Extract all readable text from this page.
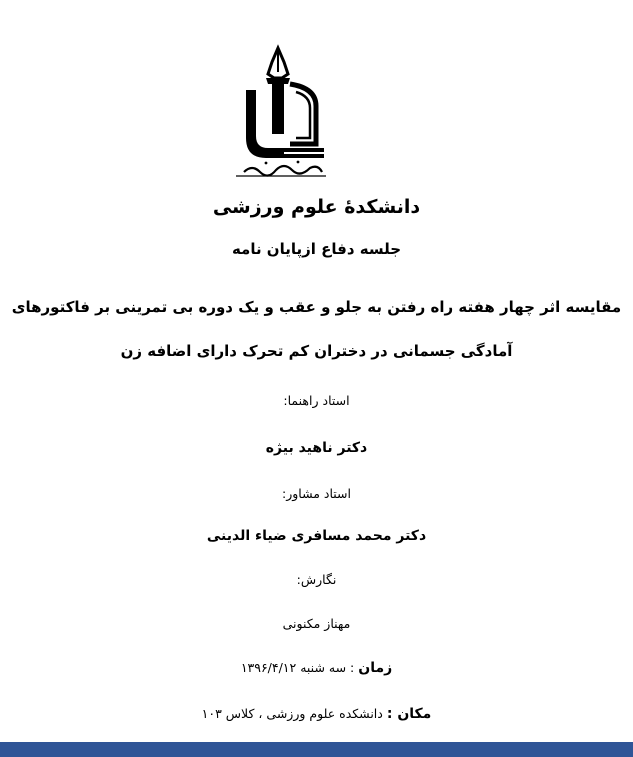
دانشکدهٔ علوم ورزشی
جلسه دفاع ازپایان نامه
مقایسه اثر چهار هفته راه رفتن به جلو و عقب و یک دوره بی تمرینی بر فاکتورهای
آمادگی جسمانی در دختران کم تحرک دارای اضافه زن
استاد راهنما:
دکتر ناهید بیژه
استاد مشاور:
دکتر محمد مسافری ضیاء الدینی
نگارش:
مهناز مکنونی
زمان : سه شنبه ۱۳۹۶/۴/۱۲
مکان : دانشکده علوم ورزشی ، کلاس ۱۰۳
